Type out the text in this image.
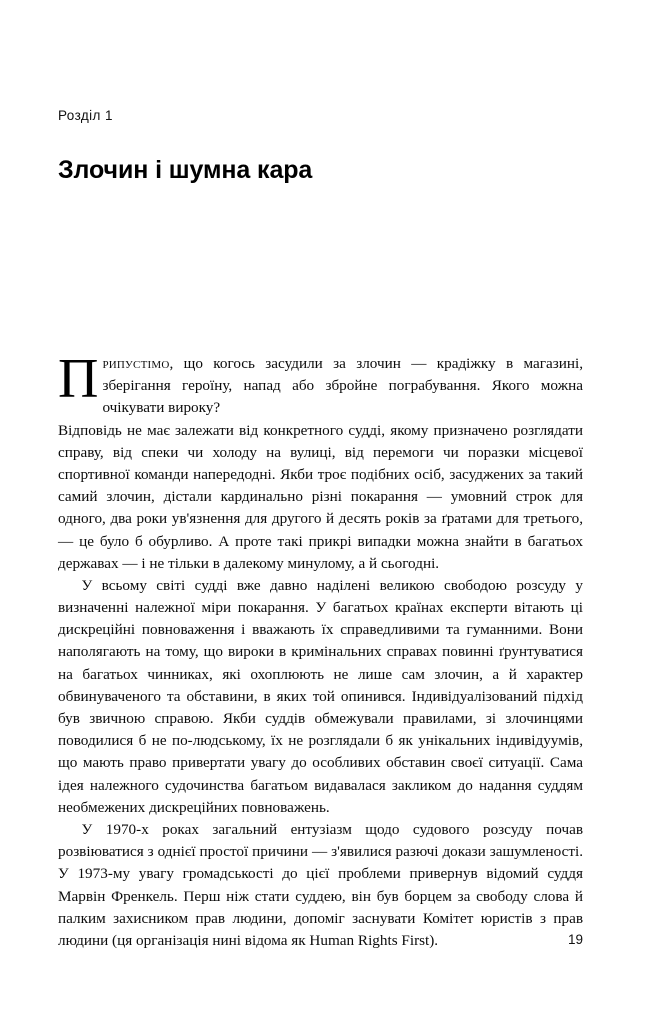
Розділ 1
Злочин і шумна кара

Припустімо, що когось засудили за злочин — крадіжку в магазині, зберігання героїну, напад або збройне пограбування. Якого можна очікувати вироку?

Відповідь не має залежати від конкретного судді, якому призначено розглядати справу, від спеки чи холоду на вулиці, від перемоги чи поразки місцевої спортивної команди напередодні. Якби троє подібних осіб, засуджених за такий самий злочин, дістали кардинально різні покарання — умовний строк для одного, два роки ув'язнення для другого й десять років за ґратами для третього, — це було б обурливо. А проте такі прикрі випадки можна знайти в багатьох державах — і не тільки в далекому минулому, а й сьогодні.

У всьому світі судді вже давно наділені великою свободою розсуду у визначенні належної міри покарання. У багатьох країнах експерти вітають ці дискреційні повноваження і вважають їх справедливими та гуманними. Вони наполягають на тому, що вироки в кримінальних справах повинні ґрунтуватися на багатьох чинниках, які охоплюють не лише сам злочин, а й характер обвинуваченого та обставини, в яких той опинився. Індивідуалізований підхід був звичною справою. Якби суддів обмежували правилами, зі злочинцями поводилися б не по-людському, їх не розглядали б як унікальних індивідуумів, що мають право привертати увагу до особливих обставин своєї ситуації. Сама ідея належного судочинства багатьом видавалася закликом до надання суддям необмежених дискреційних повноважень.

У 1970-х роках загальний ентузіазм щодо судового розсуду почав розвіюватися з однієї простої причини — з'явилися разючі докази зашумленості. У 1973-му увагу громадськості до цієї проблеми привернув відомий суддя Марвін Френкель. Перш ніж стати суддею, він був борцем за свободу слова й палким захисником прав людини, допоміг заснувати Комітет юристів з прав людини (ця організація нині відома як Human Rights First).	19
